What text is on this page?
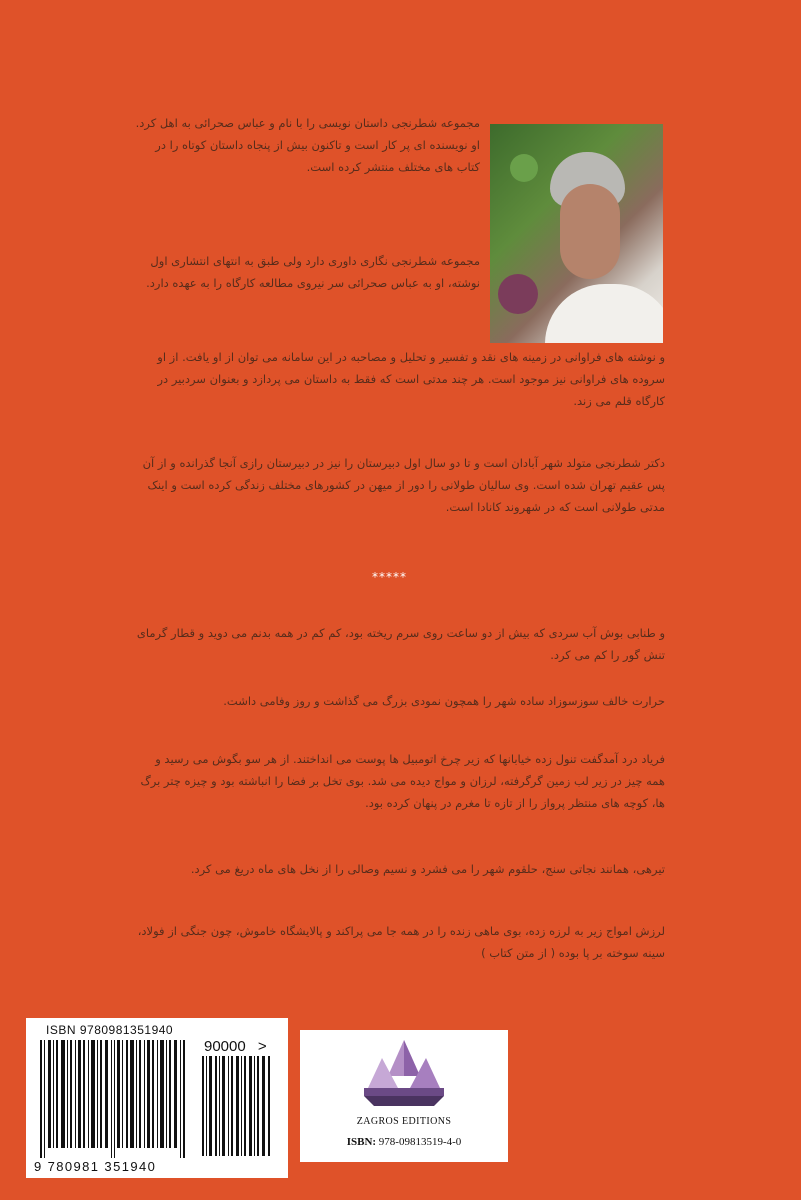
مجموعه شطرنجی داستان نویسی را با نام و عباس صحرائی به اهل کرد. او نویسنده ای پر کار است و تاکنون بیش از پنجاه داستان کوتاه را در کتاب های مختلف منتشر کرده است.
مجموعه شطرنجی نگاری داوری دارد ولی طبق به انتهای انتشاری اول نوشته، او به عباس صحرائی سر نیروی مطالعه کارگاه را به عهده دارد.
و نوشته های فراوانی در زمینه های نقد و تفسیر و تحلیل و مصاحبه در این سامانه می توان از او یافت. از او سروده های فراوانی نیز موجود است. هر چند مدتی است که فقط به داستان می پردازد و بعنوان سردبیر در کارگاه قلم می زند.
دکتر شطرنجی متولد شهر آبادان است و تا دو سال اول دبیرستان را نیز در دبیرستان رازی آنجا گذرانده و از آن پس عقیم تهران شده است. وی سالیان طولانی را دور از میهن در کشورهای مختلف زندگی کرده است و اینک مدتی طولانی است که در شهروند کانادا است.
*****
و طنابی بوش آب سردی که بیش از دو ساعت روی سرم ریخته بود، کم کم در همه بدنم می دوید و قطار گرمای تنش گور را کم می کرد.
حرارت خالف سوزسوزاد ساده شهر را همچون نمودی بزرگ می گذاشت و روز وفامی داشت.
فریاد درد آمدگفت تنول زده خیابانها که زیر چرخ اتومبیل ها پوست می انداختند. از هر سو بگوش می رسید و همه چیز در زیر لب زمین گرگرفته، لرزان و مواج دیده می شد. بوی تخل بر فضا را انباشته بود و چیزه چتر برگ ها، کوچه های منتظر پرواز را از تازه تا مغرم در پنهان کرده بود.
تیرهی، همانند نجاتی سنج، حلقوم شهر را می فشرد و نسیم وصالی را از نخل های ماه دریغ می کرد.
لرزش امواج زیر به لرزه زده، بوی ماهی زنده را در همه جا می پراکند و پالایشگاه خاموش، چون جنگی از فولاد، سینه سوخته بر پا بوده ( از متن کتاب )
ISBN 9780981351940
90000 >
9 780981 351940
ZAGROS EDITIONS
ISBN: 978-09813519-4-0
